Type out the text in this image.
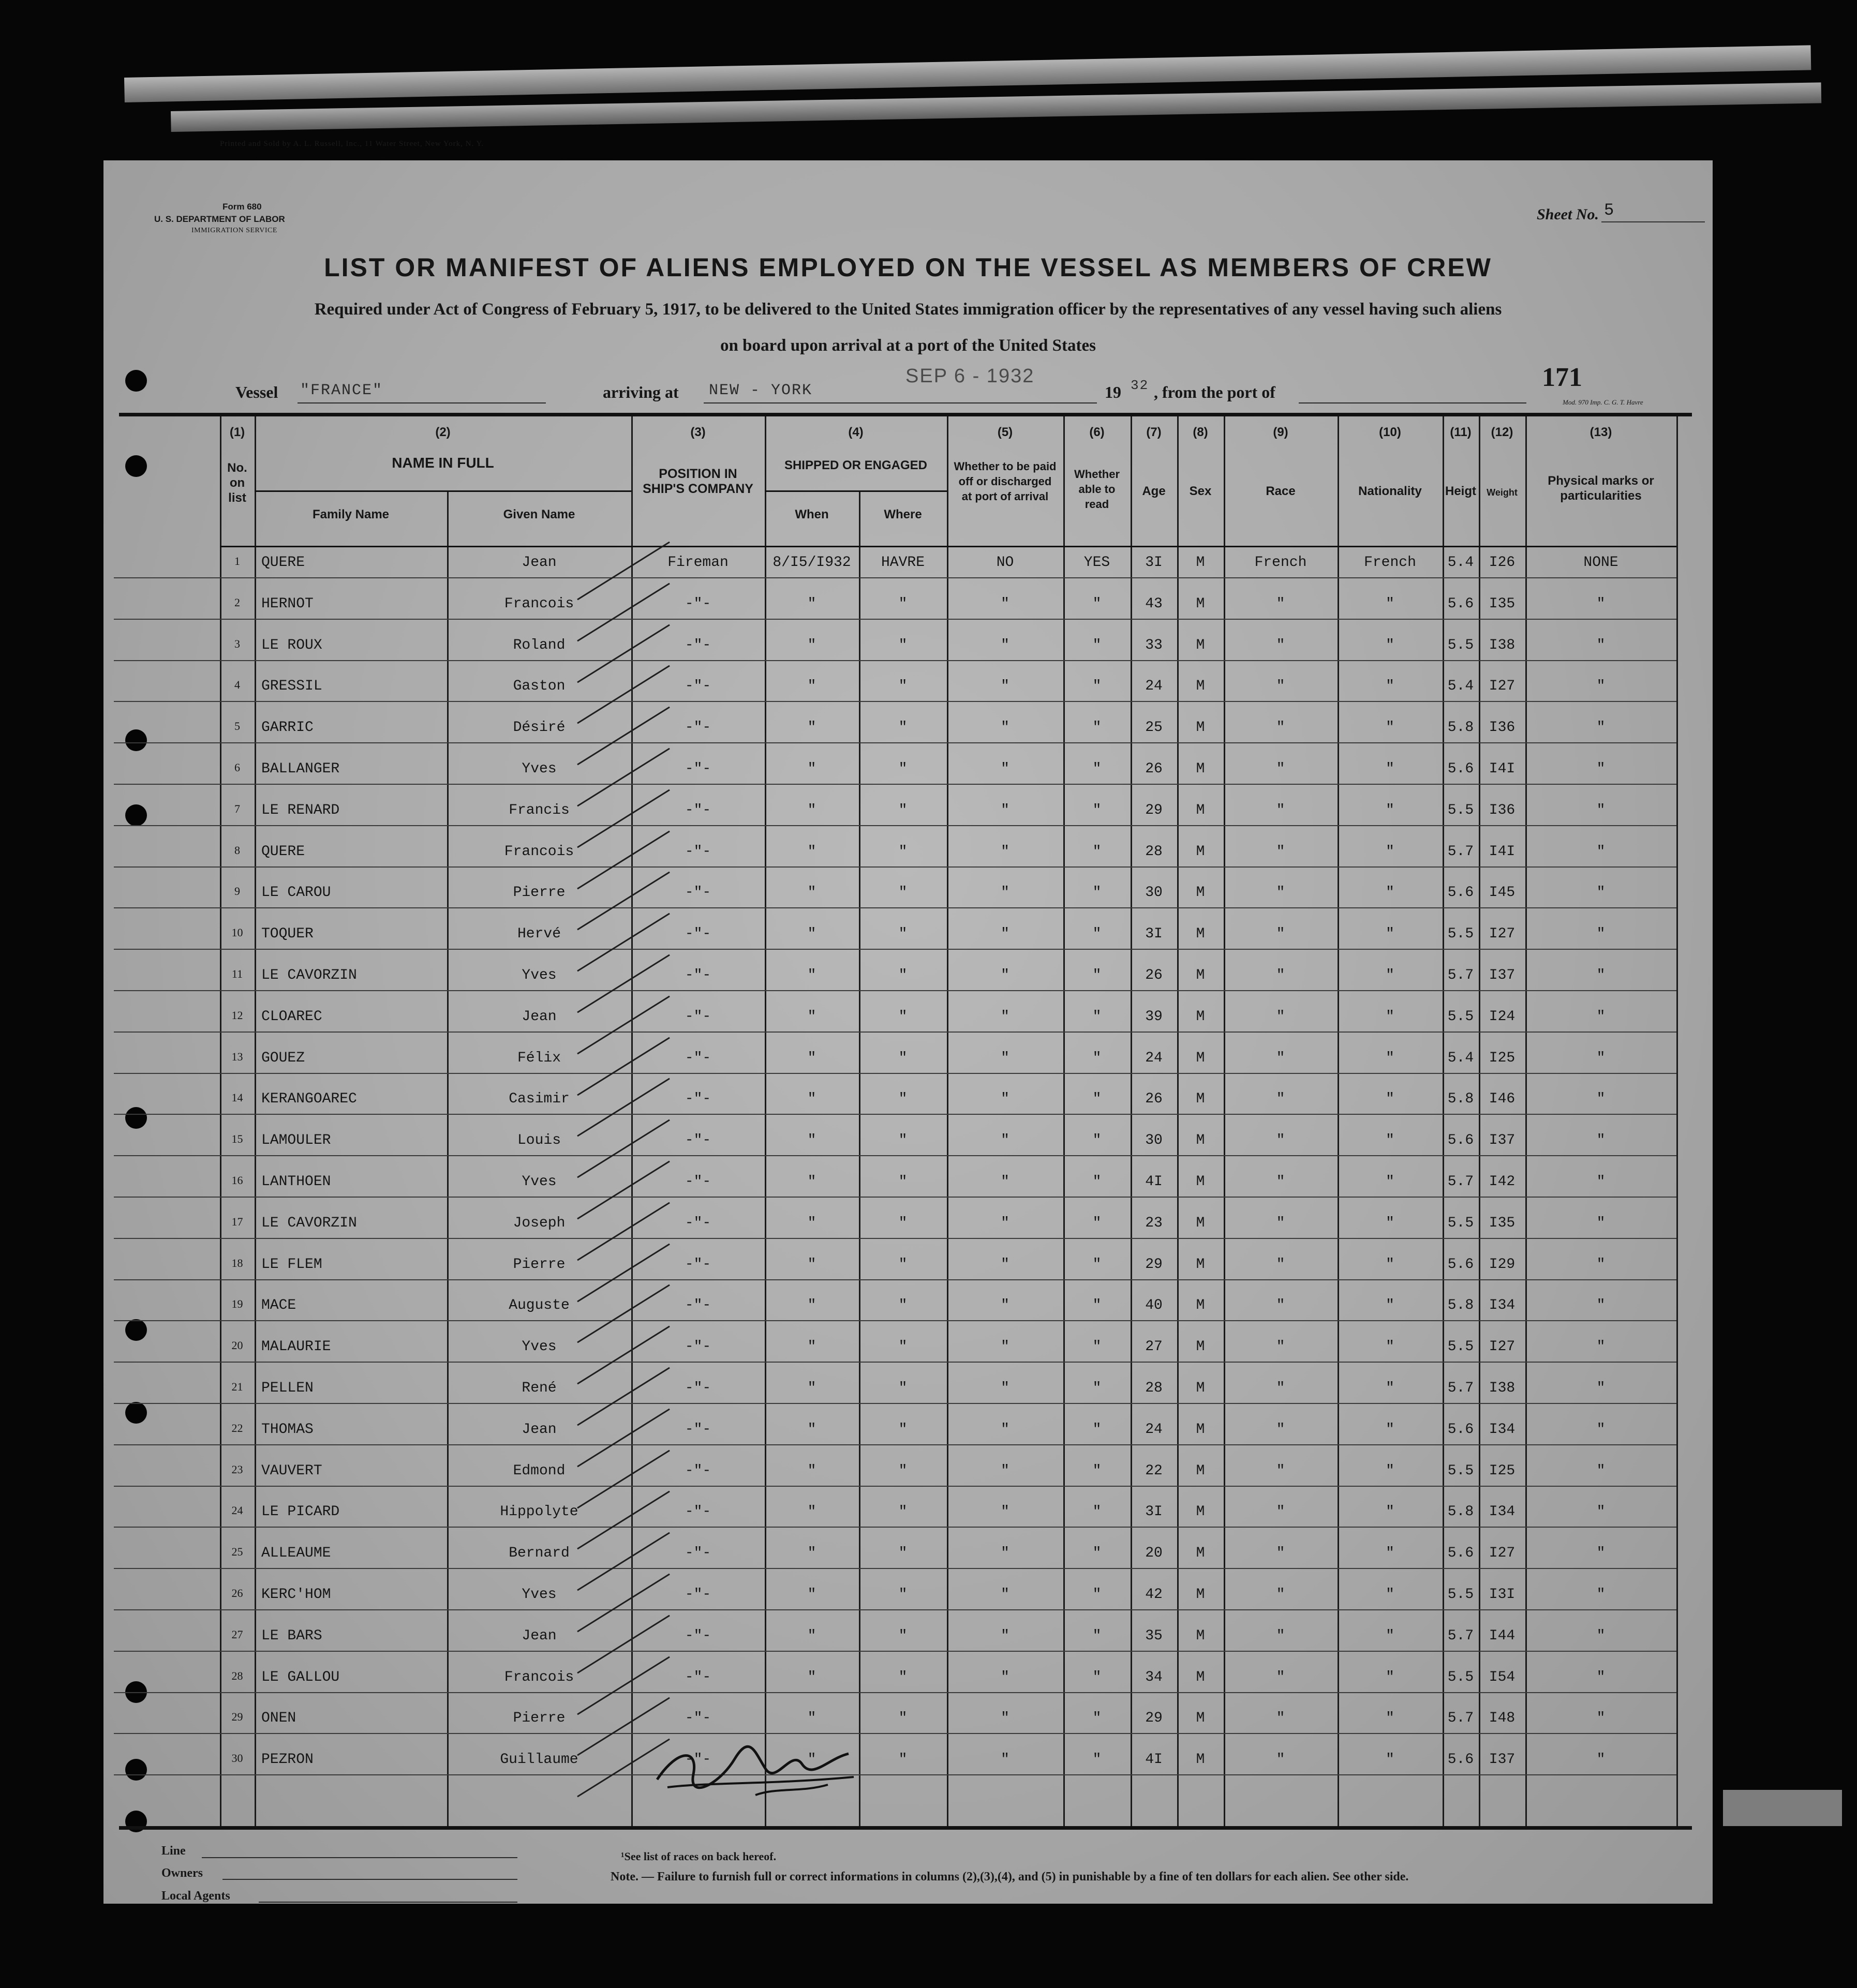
Printed and Sold by A. L. Russell, Inc., 11 Water Street, New York, N. Y.
Form 680
U. S. DEPARTMENT OF LABOR
IMMIGRATION SERVICE
Sheet No. 5
LIST OR MANIFEST OF ALIENS EMPLOYED ON THE VESSEL AS MEMBERS OF CREW
Required under Act of Congress of February 5, 1917, to be delivered to the United States immigration officer by the representatives of any vessel having such aliens
on board upon arrival at a port of the United States
Vessel "FRANCE"	arriving at NEW - YORK
SEP 6 - 1932
19 32 , from the port of	171
Mod. 970 Imp. C. G. T. Havre
(1)	(2)	(3)	(4)	(5)	(6)	(7)	(8)	(9)	(10)	(11)	(12)	(13)
No. on list
NAME IN FULL
Family Name	Given Name
POSITION IN SHIP'S COMPANY
SHIPPED OR ENGAGED
When	Where
Whether to be paid off or discharged at port of arrival
Whether able to read
Age	Sex	Race	Nationality	Heigt	Weight
Physical marks or particularities
1	QUERE	Jean	Fireman	8/I5/I932	HAVRE	NO	YES	3I	M	French	French	5.4	I26	NONE
2	HERNOT	Francois	-"-	"	"	"	"	43	M	"	"	5.6	I35	"
3	LE ROUX	Roland	-"-	"	"	"	"	33	M	"	"	5.5	I38	"
4	GRESSIL	Gaston	-"-	"	"	"	"	24	M	"	"	5.4	I27	"
5	GARRIC	Désiré	-"-	"	"	"	"	25	M	"	"	5.8	I36	"
6	BALLANGER	Yves	-"-	"	"	"	"	26	M	"	"	5.6	I4I	"
7	LE RENARD	Francis	-"-	"	"	"	"	29	M	"	"	5.5	I36	"
8	QUERE	Francois	-"-	"	"	"	"	28	M	"	"	5.7	I4I	"
9	LE CAROU	Pierre	-"-	"	"	"	"	30	M	"	"	5.6	I45	"
10	TOQUER	Hervé	-"-	"	"	"	"	3I	M	"	"	5.5	I27	"
11	LE CAVORZIN	Yves	-"-	"	"	"	"	26	M	"	"	5.7	I37	"
12	CLOAREC	Jean	-"-	"	"	"	"	39	M	"	"	5.5	I24	"
13	GOUEZ	Félix	-"-	"	"	"	"	24	M	"	"	5.4	I25	"
14	KERANGOAREC	Casimir	-"-	"	"	"	"	26	M	"	"	5.8	I46	"
15	LAMOULER	Louis	-"-	"	"	"	"	30	M	"	"	5.6	I37	"
16	LANTHOEN	Yves	-"-	"	"	"	"	4I	M	"	"	5.7	I42	"
17	LE CAVORZIN	Joseph	-"-	"	"	"	"	23	M	"	"	5.5	I35	"
18	LE FLEM	Pierre	-"-	"	"	"	"	29	M	"	"	5.6	I29	"
19	MACE	Auguste	-"-	"	"	"	"	40	M	"	"	5.8	I34	"
20	MALAURIE	Yves	-"-	"	"	"	"	27	M	"	"	5.5	I27	"
21	PELLEN	René	-"-	"	"	"	"	28	M	"	"	5.7	I38	"
22	THOMAS	Jean	-"-	"	"	"	"	24	M	"	"	5.6	I34	"
23	VAUVERT	Edmond	-"-	"	"	"	"	22	M	"	"	5.5	I25	"
24	LE PICARD	Hippolyte	-"-	"	"	"	"	3I	M	"	"	5.8	I34	"
25	ALLEAUME	Bernard	-"-	"	"	"	"	20	M	"	"	5.6	I27	"
26	KERC'HOM	Yves	-"-	"	"	"	"	42	M	"	"	5.5	I3I	"
27	LE BARS	Jean	-"-	"	"	"	"	35	M	"	"	5.7	I44	"
28	LE GALLOU	Francois	-"-	"	"	"	"	34	M	"	"	5.5	I54	"
29	ONEN	Pierre	-"-	"	"	"	"	29	M	"	"	5.7	I48	"
30	PEZRON	Guillaume	-"-	"	"	"	"	4I	M	"	"	5.6	I37	"
Line
Owners
Local Agents
¹See list of races on back hereof.
Note. — Failure to furnish full or correct informations in columns (2),(3),(4), and (5) in punishable by a fine of ten dollars for each alien. See other side.
